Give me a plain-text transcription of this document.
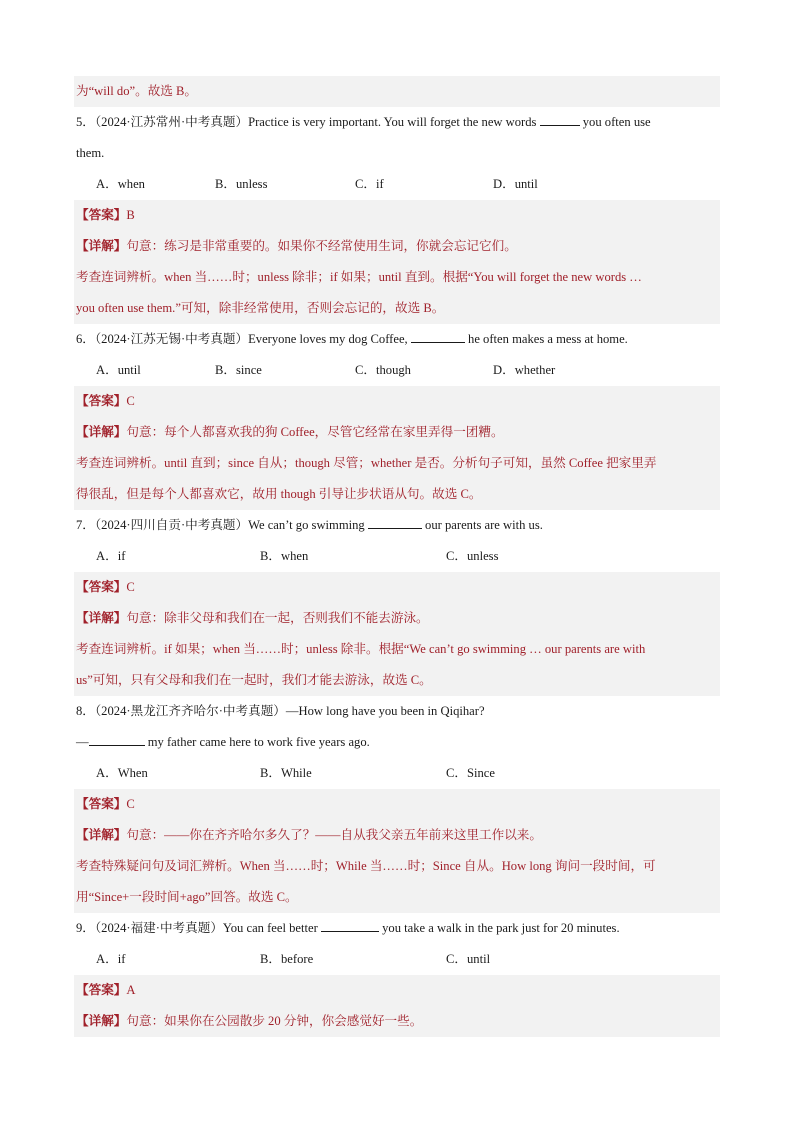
为“will do”。故选 B。
5．（2024·江苏常州·中考真题）Practice is very important. You will forget the new words	you often use
them.
A．when	B．unless	C．if	D．until
【答案】B
【详解】句意：练习是非常重要的。如果你不经常使用生词，你就会忘记它们。
考查连词辨析。when 当……时；unless 除非；if 如果；until 直到。根据“You will forget the new words …
you often use them.”可知，除非经常使用，否则会忘记的，故选 B。
6．（2024·江苏无锡·中考真题）Everyone loves my dog Coffee,	he often makes a mess at home.
A．until	B．since	C．though	D．whether
【答案】C
【详解】句意：每个人都喜欢我的狗 Coffee，尽管它经常在家里弄得一团糟。
考查连词辨析。until 直到；since 自从；though 尽管；whether 是否。分析句子可知，虽然 Coffee 把家里弄
得很乱，但是每个人都喜欢它，故用 though 引导让步状语从句。故选 C。
7．（2024·四川自贡·中考真题）We can’t go swimming	our parents are with us.
A．if	B．when	C．unless
【答案】C
【详解】句意：除非父母和我们在一起，否则我们不能去游泳。
考查连词辨析。if 如果；when 当……时；unless 除非。根据“We can’t go swimming … our parents are with
us”可知，只有父母和我们在一起时，我们才能去游泳，故选 C。
8．（2024·黑龙江齐齐哈尔·中考真题）—How long have you been in Qiqihar?
—	my father came here to work five years ago.
A．When	B．While	C．Since
【答案】C
【详解】句意：——你在齐齐哈尔多久了？——自从我父亲五年前来这里工作以来。
考查特殊疑问句及词汇辨析。When 当……时；While 当……时；Since 自从。How long 询问一段时间，可
用“Since+一段时间+ago”回答。故选 C。
9．（2024·福建·中考真题）You can feel better	you take a walk in the park just for 20 minutes.
A．if	B．before	C．until
【答案】A
【详解】句意：如果你在公园散步 20 分钟，你会感觉好一些。
